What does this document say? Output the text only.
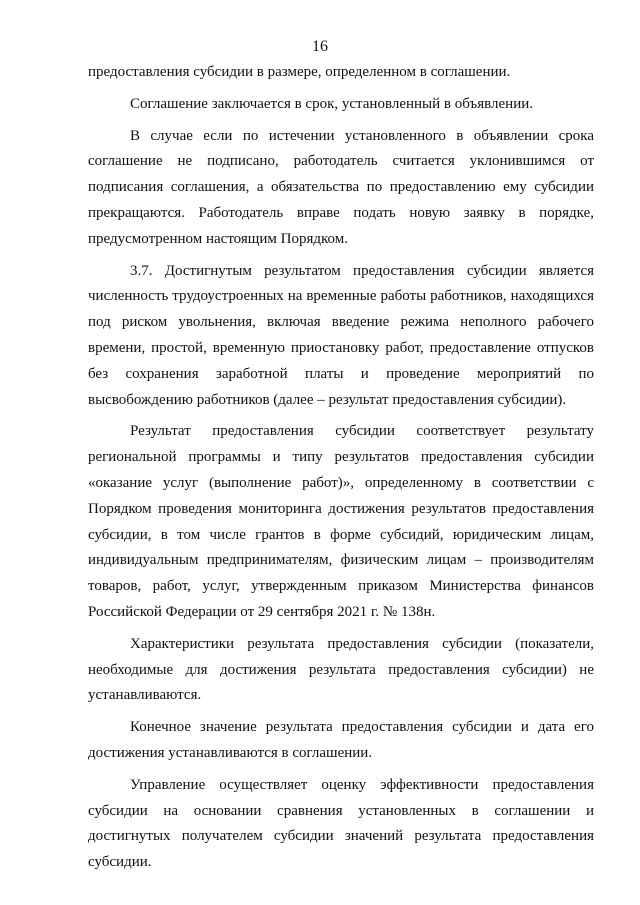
16

предоставления субсидии в размере, определенном в соглашении.

Соглашение заключается в срок, установленный в объявлении.

В случае если по истечении установленного в объявлении срока соглашение не подписано, работодатель считается уклонившимся от подписания соглашения, а обязательства по предоставлению ему субсидии прекращаются. Работодатель вправе подать новую заявку в порядке, предусмотренном настоящим Порядком.

3.7. Достигнутым результатом предоставления субсидии является численность трудоустроенных на временные работы работников, находящихся под риском увольнения, включая введение режима неполного рабочего времени, простой, временную приостановку работ, предоставление отпусков без сохранения заработной платы и проведение мероприятий по высвобождению работников (далее – результат предоставления субсидии).

Результат предоставления субсидии соответствует результату региональной программы и типу результатов предоставления субсидии «оказание услуг (выполнение работ)», определенному в соответствии с Порядком проведения мониторинга достижения результатов предоставления субсидии, в том числе грантов в форме субсидий, юридическим лицам, индивидуальным предпринимателям, физическим лицам – производителям товаров, работ, услуг, утвержденным приказом Министерства финансов Российской Федерации от 29 сентября 2021 г. № 138н.

Характеристики результата предоставления субсидии (показатели, необходимые для достижения результата предоставления субсидии) не устанавливаются.

Конечное значение результата предоставления субсидии и дата его достижения устанавливаются в соглашении.

Управление осуществляет оценку эффективности предоставления субсидии на основании сравнения установленных в соглашении и достигнутых получателем субсидии значений результата предоставления субсидии.
